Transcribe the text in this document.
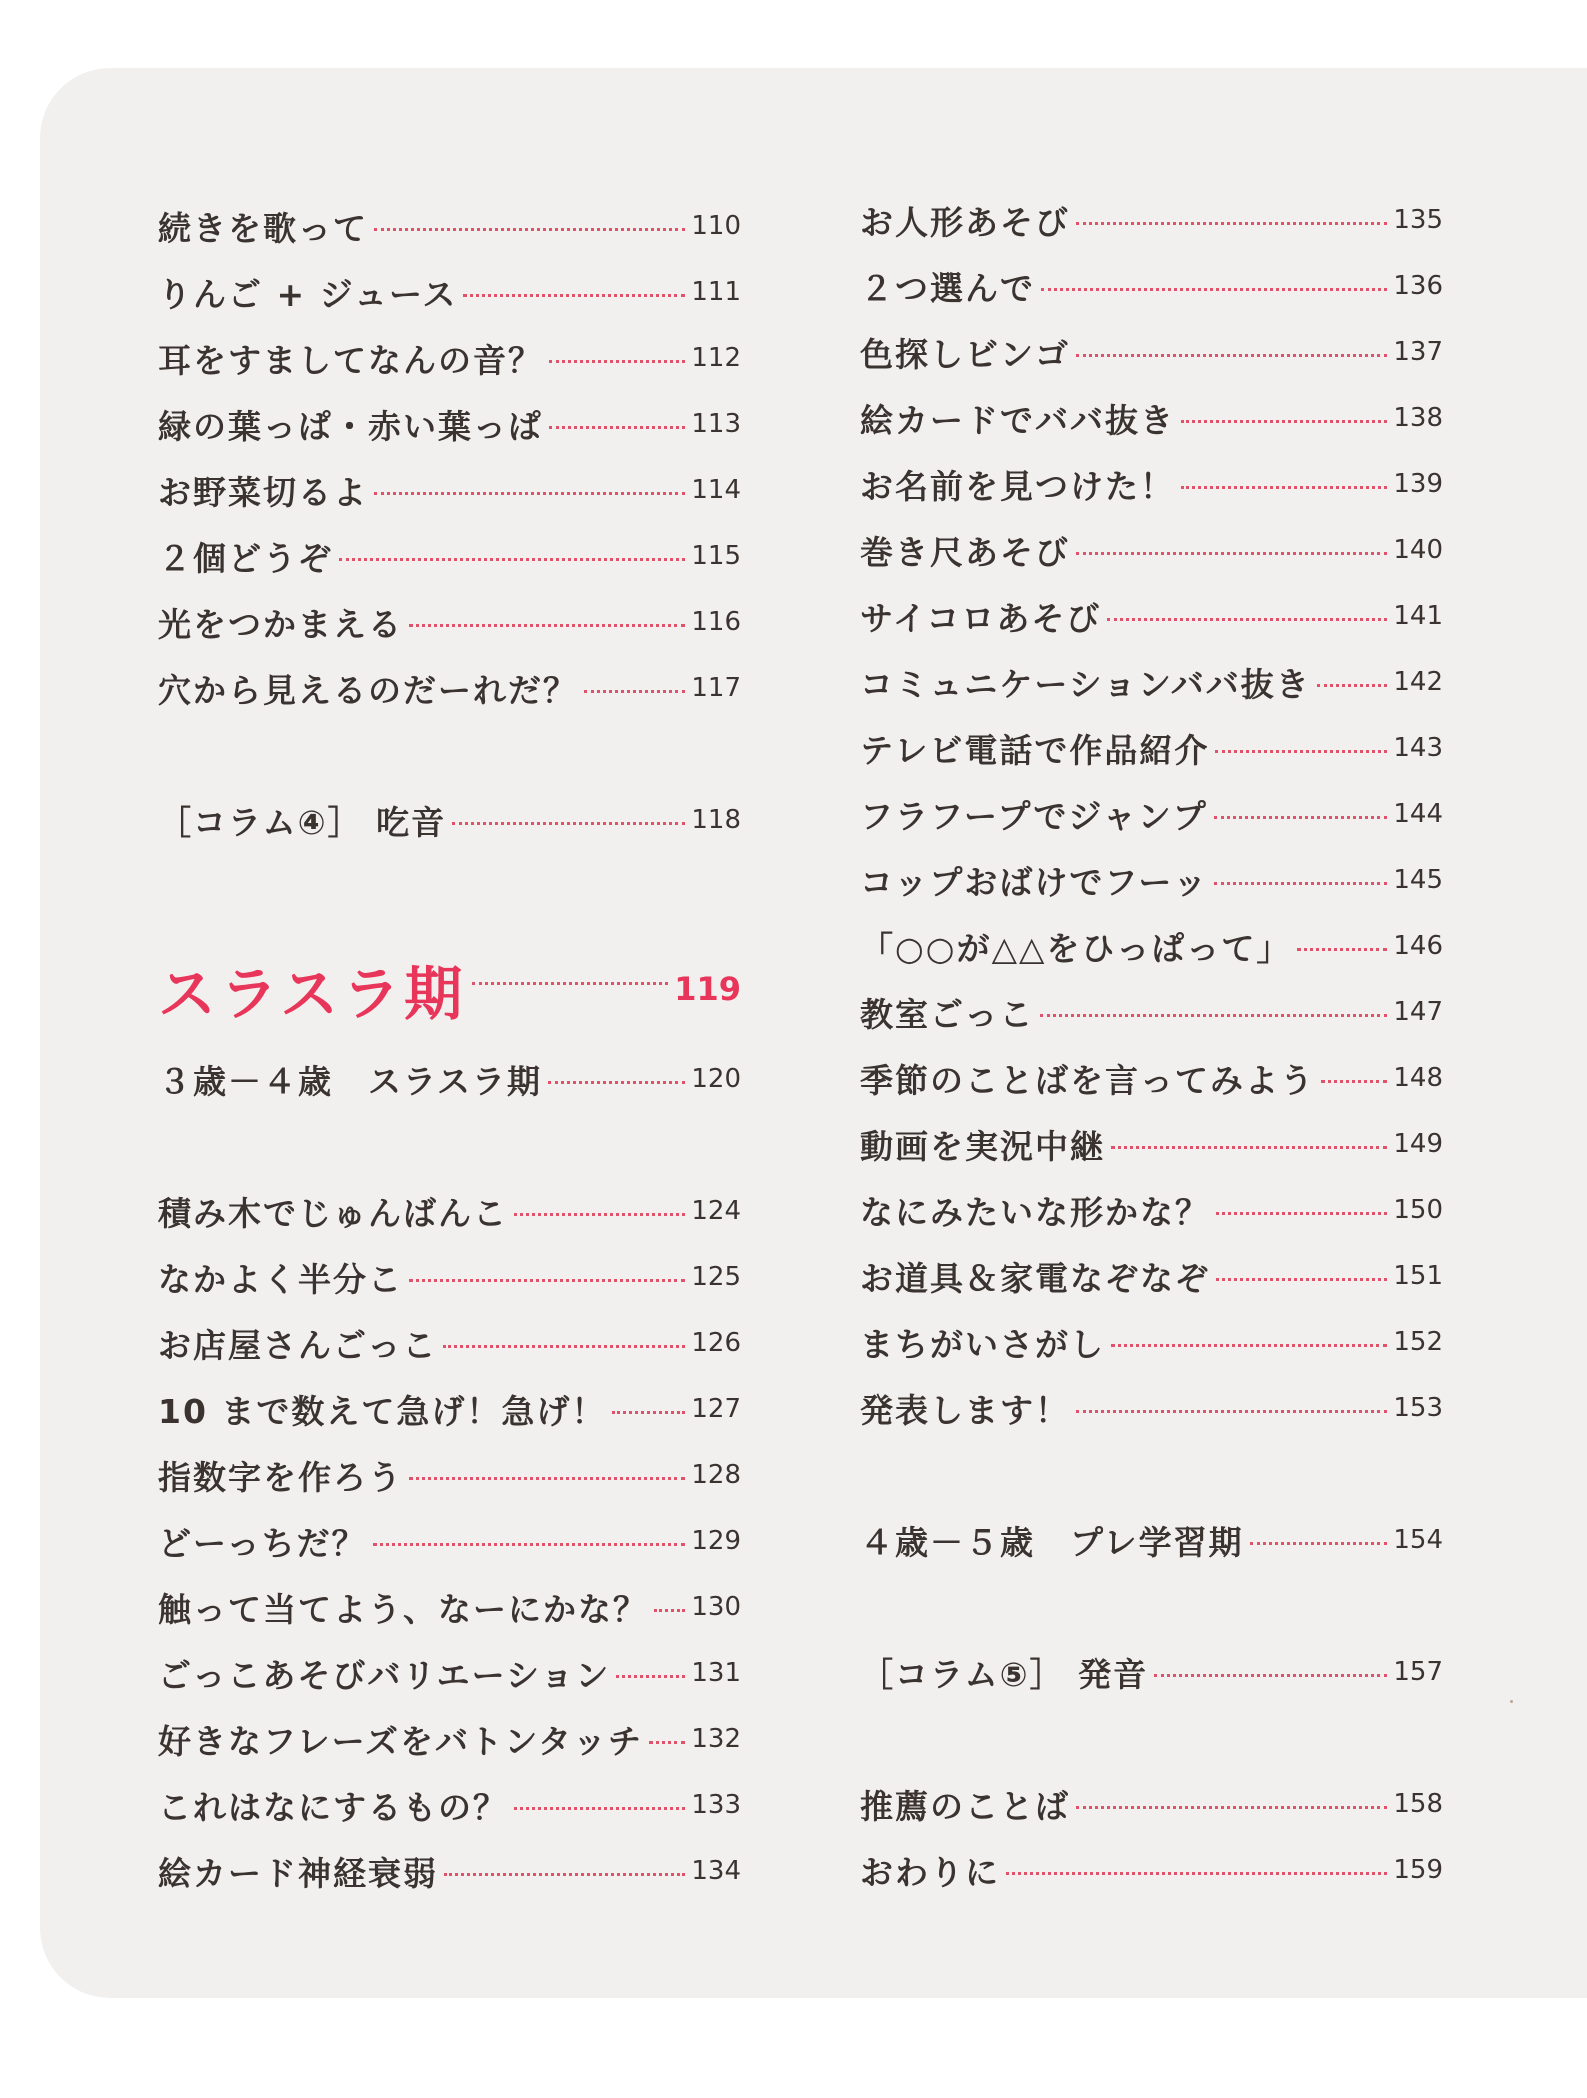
続きを歌って	110
りんご + ジュース	111
耳をすましてなんの音？	112
緑の葉っぱ・赤い葉っぱ	113
お野菜切るよ	114
２個どうぞ	115
光をつかまえる	116
穴から見えるのだーれだ？	117
［コラム④］ 吃音	118
スラスラ期	119
３歳－４歳　スラスラ期	120
積み木でじゅんばんこ	124
なかよく半分こ	125
お店屋さんごっこ	126
10 まで数えて急げ！急げ！	127
指数字を作ろう	128
どーっちだ？	129
触って当てよう、なーにかな？ 130
ごっこあそびバリエーション	131
好きなフレーズをバトンタッチ 132
これはなにするもの？	133
絵カード神経衰弱	134
お人形あそび	135
２つ選んで	136
色探しビンゴ	137
絵カードでババ抜き	138
お名前を見つけた！	139
巻き尺あそび	140
サイコロあそび	141
コミュニケーションババ抜き	142
テレビ電話で作品紹介	143
フラフープでジャンプ	144
コップおばけでフーッ	145
「○○が△△をひっぱって」	146
教室ごっこ	147
季節のことばを言ってみよう	148
動画を実況中継	149
なにみたいな形かな？	150
お道具＆家電なぞなぞ	151
まちがいさがし	152
発表します！	153
４歳－５歳　プレ学習期	154
［コラム⑤］ 発音	157
推薦のことば	158
おわりに	159
